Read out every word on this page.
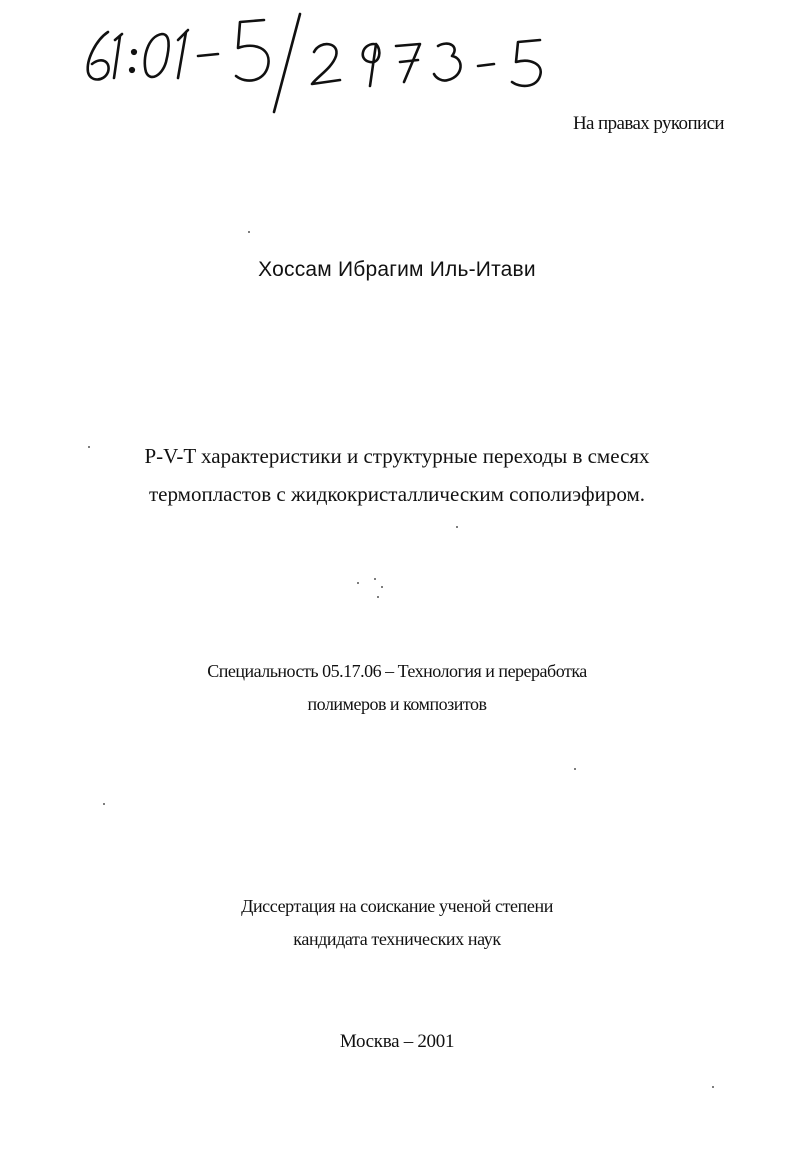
На правах рукописи
Хоссам Ибрагим Иль-Итави
P-V-T характеристики и структурные переходы в смесях
термопластов с жидкокристаллическим сополиэфиром.
Специальность 05.17.06 – Технология и переработка
полимеров и композитов
Диссертация на соискание ученой степени
кандидата технических наук
Москва – 2001
